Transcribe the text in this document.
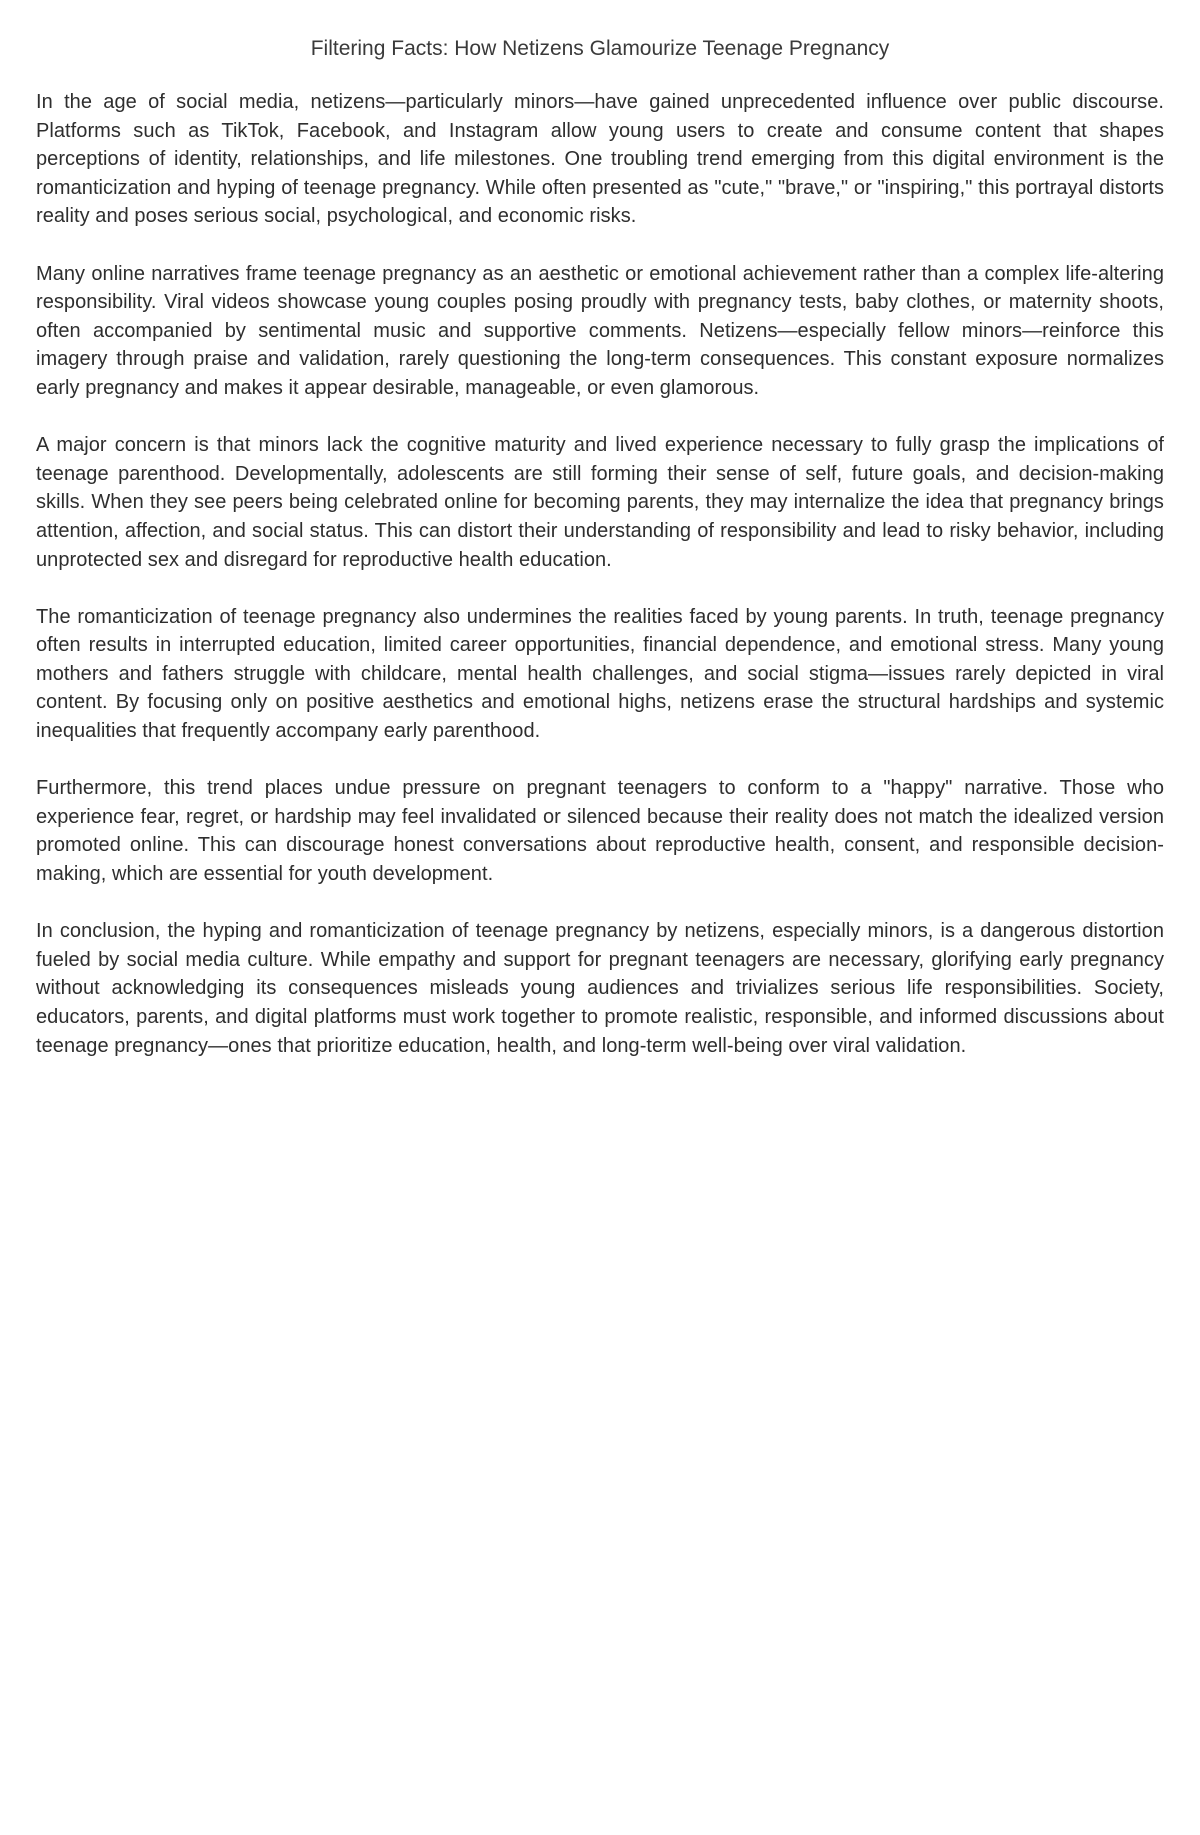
Filtering Facts: How Netizens Glamourize Teenage Pregnancy

In the age of social media, netizens—particularly minors—have gained unprecedented influence over public discourse. Platforms such as TikTok, Facebook, and Instagram allow young users to create and consume content that shapes perceptions of identity, relationships, and life milestones. One troubling trend emerging from this digital environment is the romanticization and hyping of teenage pregnancy. While often presented as "cute," "brave," or "inspiring," this portrayal distorts reality and poses serious social, psychological, and economic risks.

Many online narratives frame teenage pregnancy as an aesthetic or emotional achievement rather than a complex life-altering responsibility. Viral videos showcase young couples posing proudly with pregnancy tests, baby clothes, or maternity shoots, often accompanied by sentimental music and supportive comments. Netizens—especially fellow minors—reinforce this imagery through praise and validation, rarely questioning the long-term consequences. This constant exposure normalizes early pregnancy and makes it appear desirable, manageable, or even glamorous.

A major concern is that minors lack the cognitive maturity and lived experience necessary to fully grasp the implications of teenage parenthood. Developmentally, adolescents are still forming their sense of self, future goals, and decision-making skills. When they see peers being celebrated online for becoming parents, they may internalize the idea that pregnancy brings attention, affection, and social status. This can distort their understanding of responsibility and lead to risky behavior, including unprotected sex and disregard for reproductive health education.

The romanticization of teenage pregnancy also undermines the realities faced by young parents. In truth, teenage pregnancy often results in interrupted education, limited career opportunities, financial dependence, and emotional stress. Many young mothers and fathers struggle with childcare, mental health challenges, and social stigma—issues rarely depicted in viral content. By focusing only on positive aesthetics and emotional highs, netizens erase the structural hardships and systemic inequalities that frequently accompany early parenthood.

Furthermore, this trend places undue pressure on pregnant teenagers to conform to a "happy" narrative. Those who experience fear, regret, or hardship may feel invalidated or silenced because their reality does not match the idealized version promoted online. This can discourage honest conversations about reproductive health, consent, and responsible decision-making, which are essential for youth development.

In conclusion, the hyping and romanticization of teenage pregnancy by netizens, especially minors, is a dangerous distortion fueled by social media culture. While empathy and support for pregnant teenagers are necessary, glorifying early pregnancy without acknowledging its consequences misleads young audiences and trivializes serious life responsibilities. Society, educators, parents, and digital platforms must work together to promote realistic, responsible, and informed discussions about teenage pregnancy—ones that prioritize education, health, and long-term well-being over viral validation.
